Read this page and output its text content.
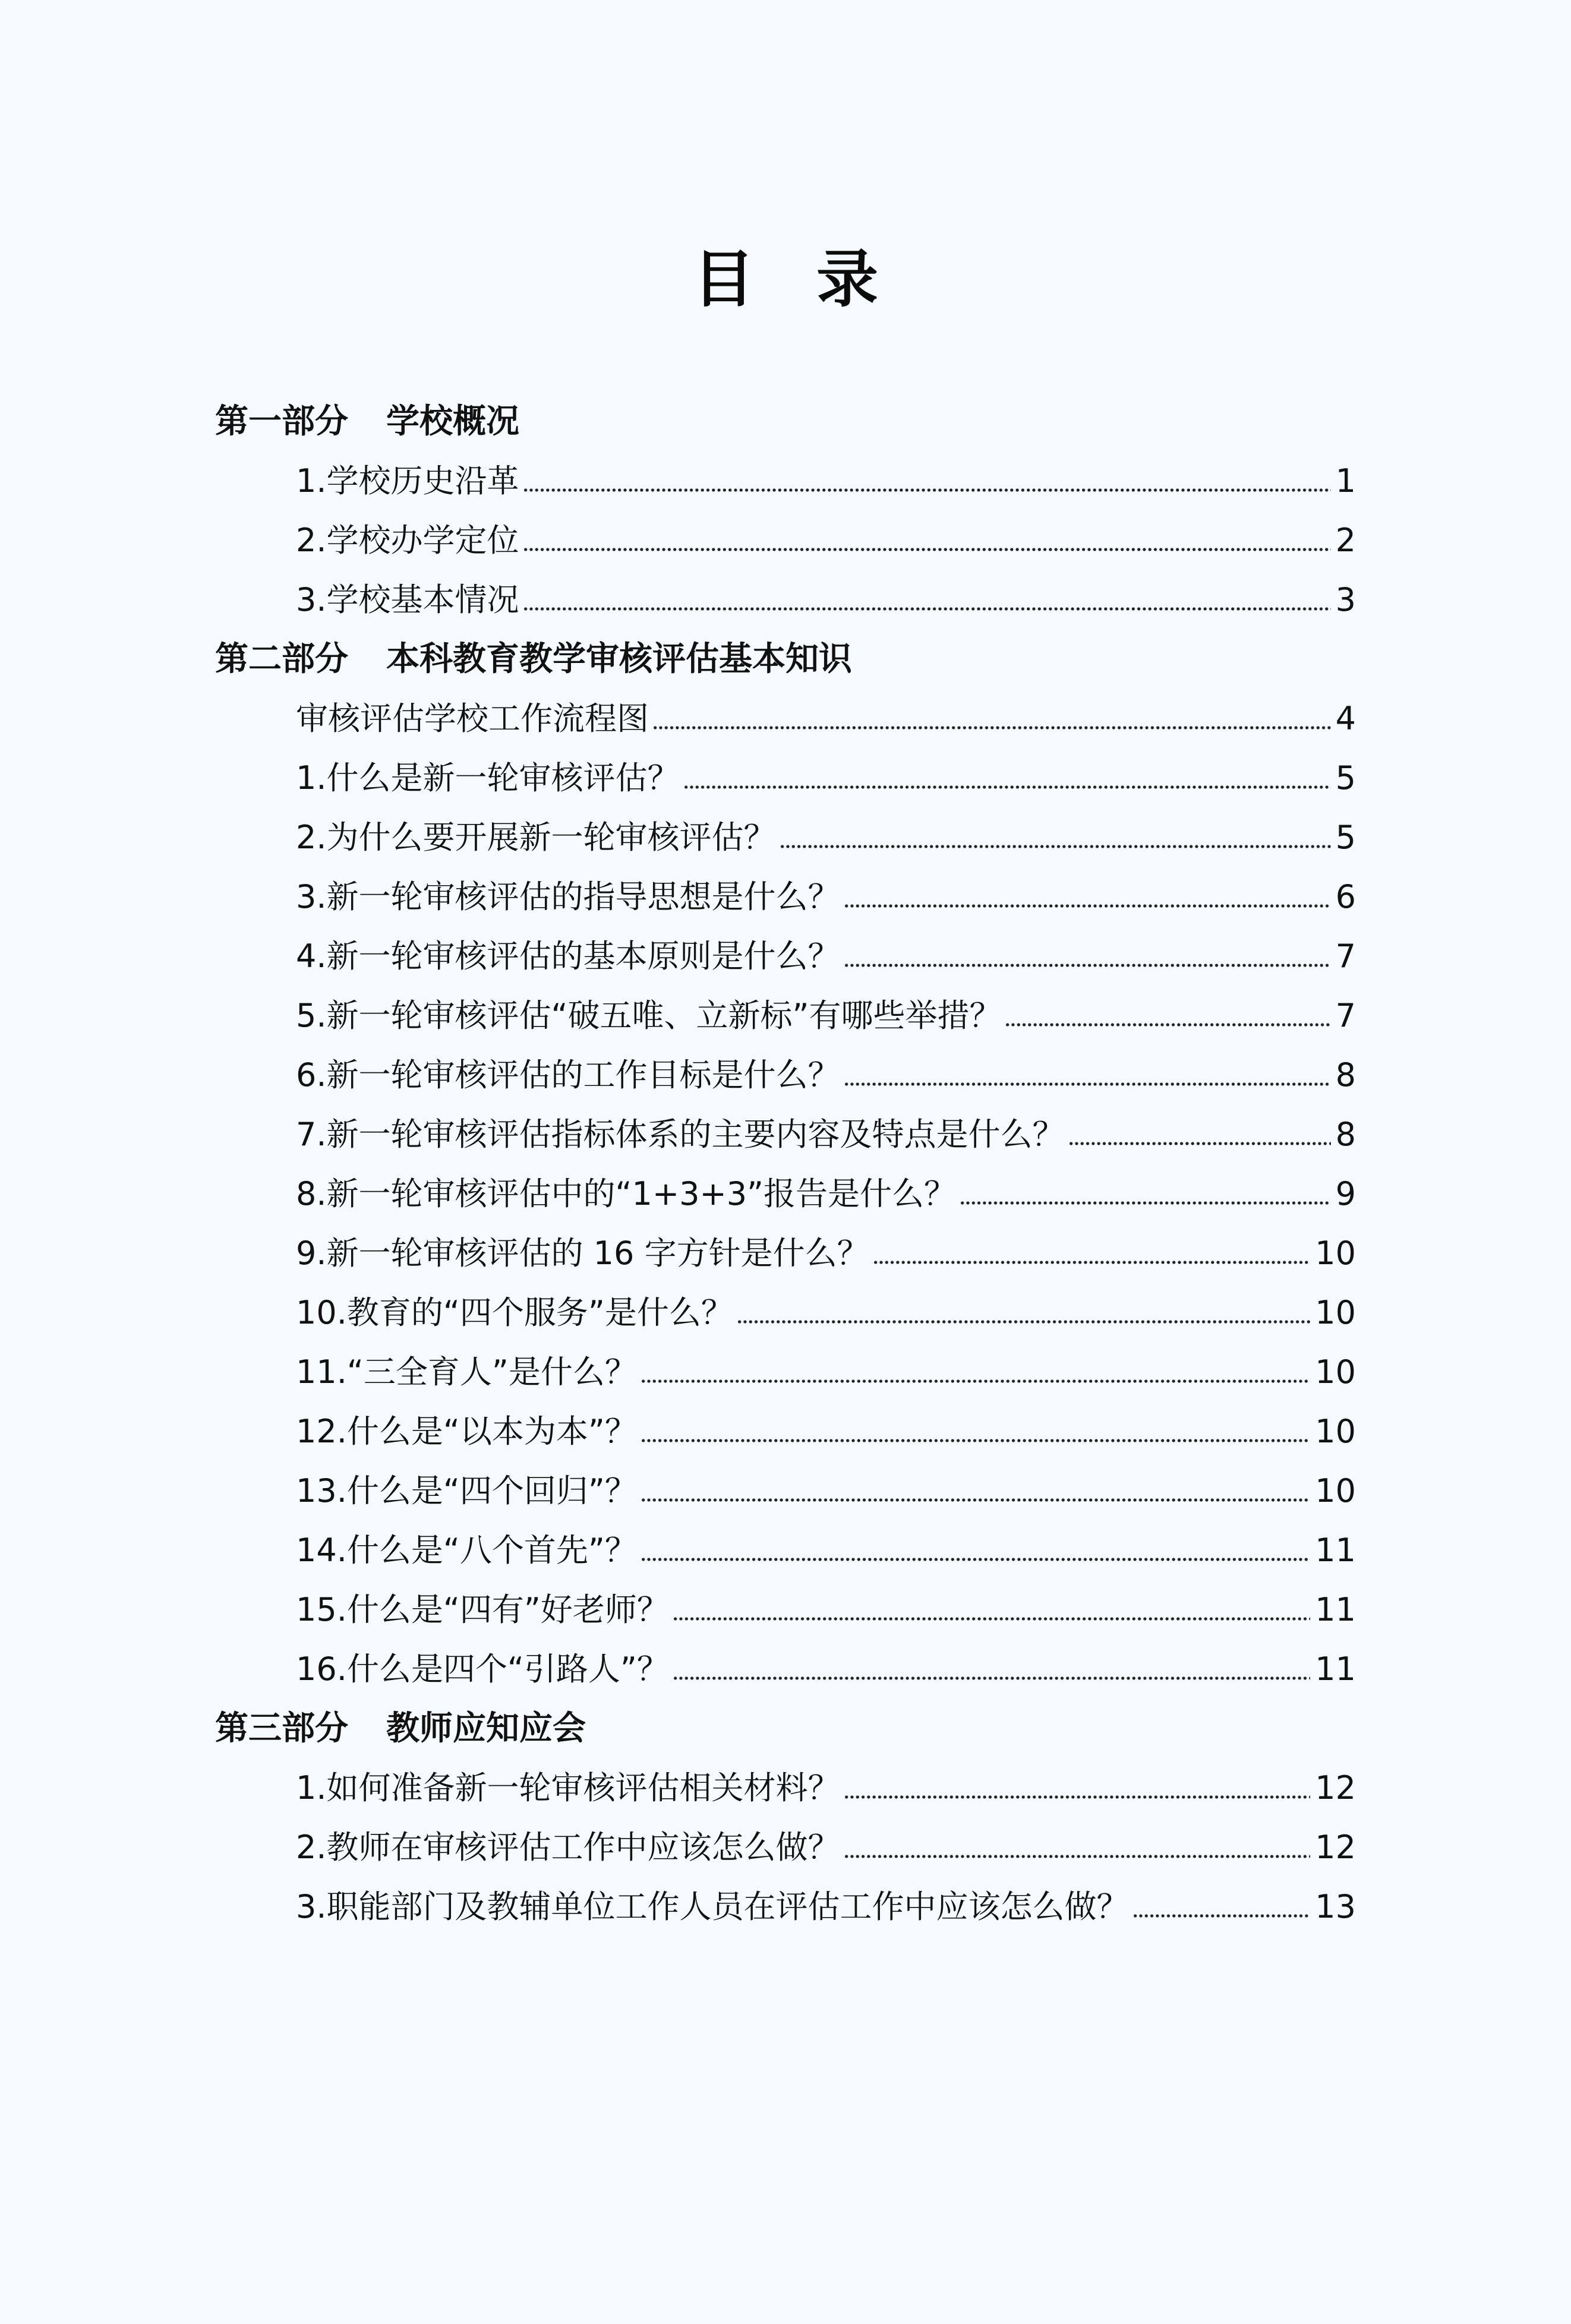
目　录
第一部分	学校概况
1.学校历史沿革	1
2.学校办学定位	2
3.学校基本情况	3
第二部分	本科教育教学审核评估基本知识
审核评估学校工作流程图	4
1.什么是新一轮审核评估？	5
2.为什么要开展新一轮审核评估？	5
3.新一轮审核评估的指导思想是什么？	6
4.新一轮审核评估的基本原则是什么？	7
5.新一轮审核评估“破五唯、立新标”有哪些举措？	7
6.新一轮审核评估的工作目标是什么？	8
7.新一轮审核评估指标体系的主要内容及特点是什么？	8
8.新一轮审核评估中的“1+3+3”报告是什么？	9
9.新一轮审核评估的 16 字方针是什么？	10
10.教育的“四个服务”是什么？	10
11.“三全育人”是什么？	10
12.什么是“以本为本”？	10
13.什么是“四个回归”？	10
14.什么是“八个首先”？	11
15.什么是“四有”好老师？	11
16.什么是四个“引路人”？	11
第三部分	教师应知应会
1.如何准备新一轮审核评估相关材料？	12
2.教师在审核评估工作中应该怎么做？	12
3.职能部门及教辅单位工作人员在评估工作中应该怎么做？	13
